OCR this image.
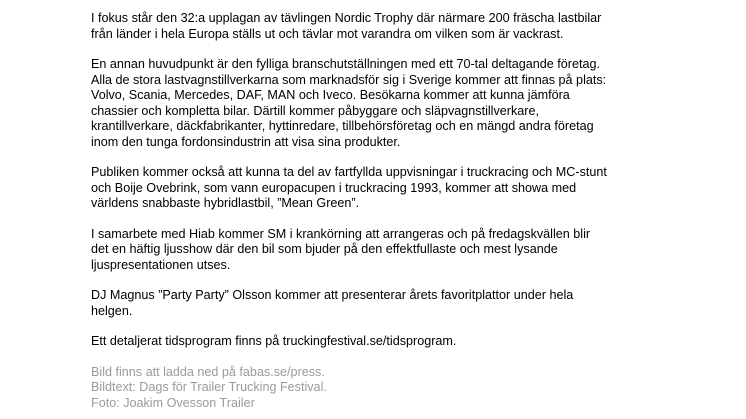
I fokus står den 32:a upplagan av tävlingen Nordic Trophy där närmare 200 fräscha lastbilar
från länder i hela Europa ställs ut och tävlar mot varandra om vilken som är vackrast.

En annan huvudpunkt är den fylliga branschutställningen med ett 70-tal deltagande företag.
Alla de stora lastvagnstillverkarna som marknadsför sig i Sverige kommer att finnas på plats:
Volvo, Scania, Mercedes, DAF, MAN och Iveco. Besökarna kommer att kunna jämföra
chassier och kompletta bilar. Därtill kommer påbyggare och släpvagnstillverkare,
krantillverkare, däckfabrikanter, hyttinredare, tillbehörsföretag och en mängd andra företag
inom den tunga fordonsindustrin att visa sina produkter.

Publiken kommer också att kunna ta del av fartfyllda uppvisningar i truckracing och MC-stunt
och Boije Ovebrink, som vann europacupen i truckracing 1993, kommer att showa med
världens snabbaste hybridlastbil, ”Mean Green”.

I samarbete med Hiab kommer SM i krankörning att arrangeras och på fredagskvällen blir
det en häftig ljusshow där den bil som bjuder på den effektfullaste och mest lysande
ljuspresentationen utses.

DJ Magnus ”Party Party” Olsson kommer att presenterar årets favoritplattor under hela
helgen.

Ett detaljerat tidsprogram finns på truckingfestival.se/tidsprogram.

Bild finns att ladda ned på fabas.se/press.
Bildtext: Dags för Trailer Trucking Festival.
Foto: Joakim Ovesson Trailer
